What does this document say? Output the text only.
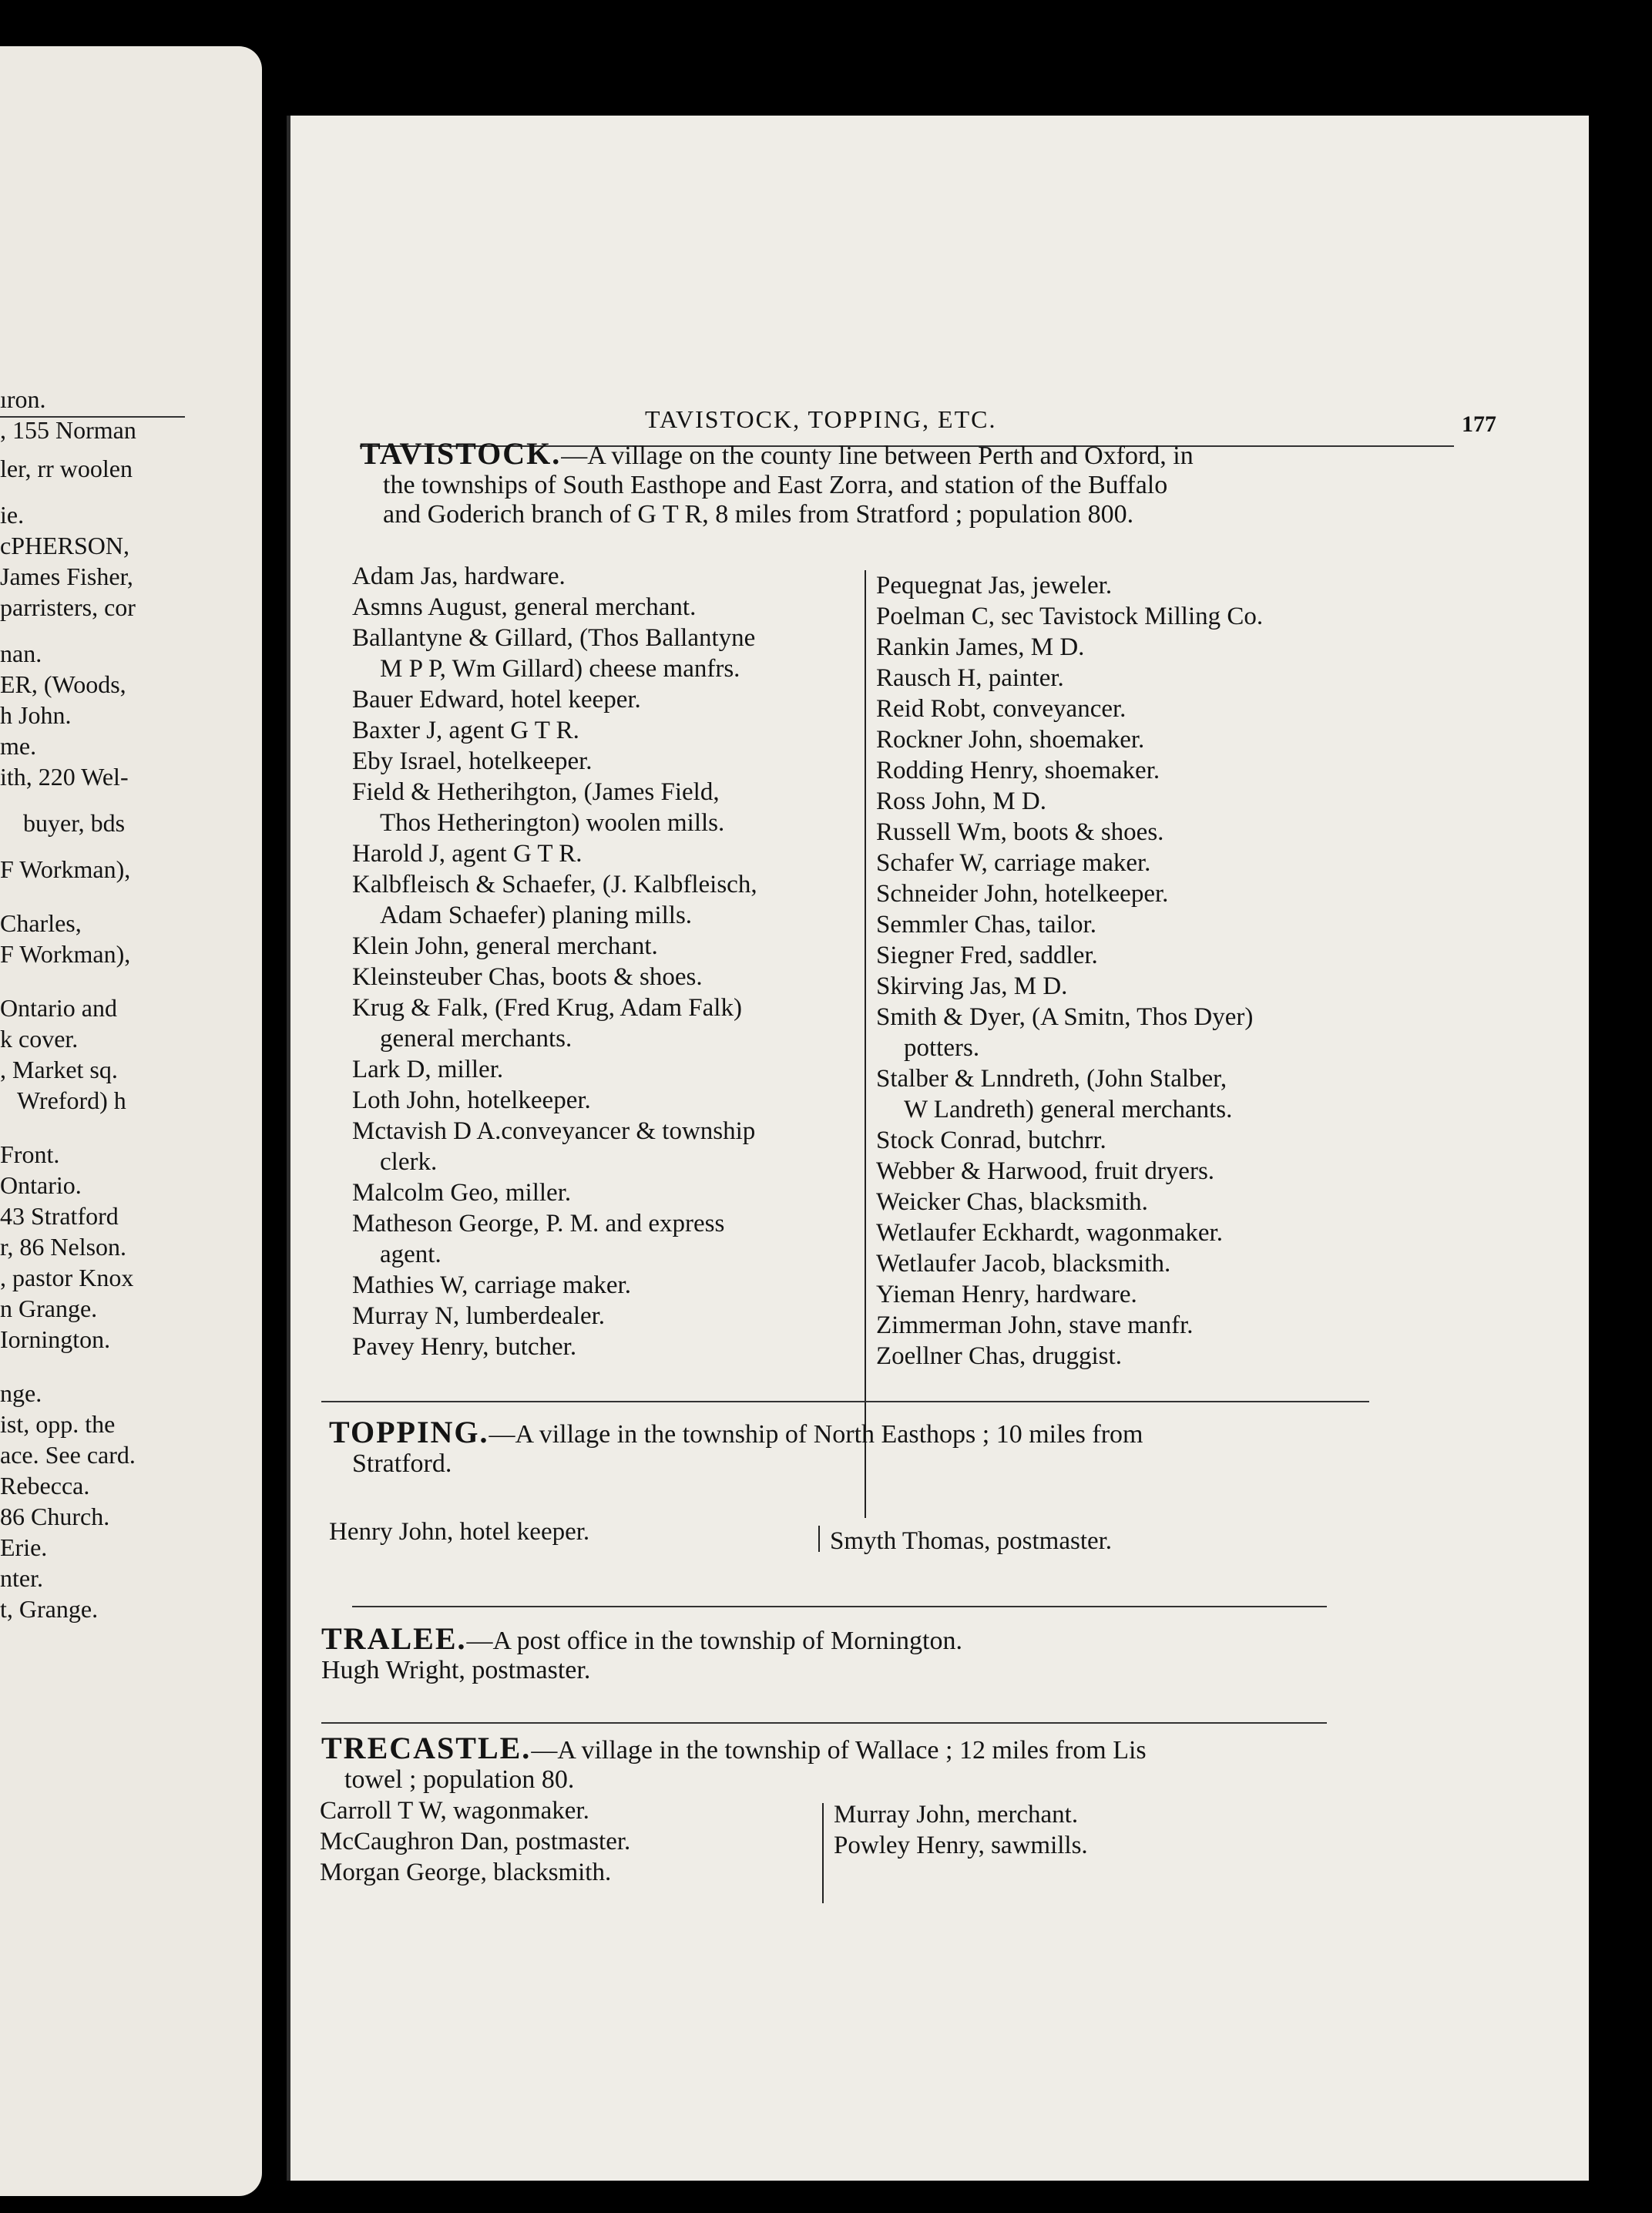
ıron.
, 155 Norman
ler, rr woolen
ie.
cPHERSON,
James Fisher,
parristers, cor
nan.
ER, (Woods,
h John.
me.
ith, 220 Wel-
buyer, bds
F Workman),
Charles,
F Workman),
Ontario and
k cover.
, Market sq.
Wreford) h
Front.
Ontario.
43 Stratford
r, 86 Nelson.
, pastor Knox
n Grange.
Iornington.
nge.
ist, opp. the
ace. See card.
Rebecca.
86 Church.
Erie.
nter.
t, Grange.
TAVISTOCK, TOPPING, ETC.	177
TAVISTOCK.—A village on the county line between Perth and Oxford, in
the townships of South Easthope and East Zorra, and station of the Buffalo
and Goderich branch of G T R, 8 miles from Stratford ; population 800.
Adam Jas, hardware.
Asmns August, general merchant.
Ballantyne & Gillard, (Thos Ballantyne
M P P, Wm Gillard) cheese manfrs.
Bauer Edward, hotel keeper.
Baxter J, agent G T R.
Eby Israel, hotelkeeper.
Field & Hetherihgton, (James Field,
Thos Hetherington) woolen mills.
Harold J, agent G T R.
Kalbfleisch & Schaefer, (J. Kalbfleisch,
Adam Schaefer) planing mills.
Klein John, general merchant.
Kleinsteuber Chas, boots & shoes.
Krug & Falk, (Fred Krug, Adam Falk)
general merchants.
Lark D, miller.
Loth John, hotelkeeper.
Mctavish D A.conveyancer & township
clerk.
Malcolm Geo, miller.
Matheson George, P. M. and express
agent.
Mathies W, carriage maker.
Murray N, lumberdealer.
Pavey Henry, butcher.
Pequegnat Jas, jeweler.
Poelman C, sec Tavistock Milling Co.
Rankin James, M D.
Rausch H, painter.
Reid Robt, conveyancer.
Rockner John, shoemaker.
Rodding Henry, shoemaker.
Ross John, M D.
Russell Wm, boots & shoes.
Schafer W, carriage maker.
Schneider John, hotelkeeper.
Semmler Chas, tailor.
Siegner Fred, saddler.
Skirving Jas, M D.
Smith & Dyer, (A Smitn, Thos Dyer)
potters.
Stalber & Lnndreth, (John Stalber,
W Landreth) general merchants.
Stock Conrad, butchrr.
Webber & Harwood, fruit dryers.
Weicker Chas, blacksmith.
Wetlaufer Eckhardt, wagonmaker.
Wetlaufer Jacob, blacksmith.
Yieman Henry, hardware.
Zimmerman John, stave manfr.
Zoellner Chas, druggist.
TOPPING.—A village in the township of North Easthops ; 10 miles from
Stratford.
Henry John, hotel keeper.	Smyth Thomas, postmaster.
TRALEE.—A post office in the township of Mornington.
Hugh Wright, postmaster.
TRECASTLE.—A village in the township of Wallace ; 12 miles from Lis
towel ; population 80.
Carroll T W, wagonmaker.
McCaughron Dan, postmaster.
Morgan George, blacksmith.
Murray John, merchant.
Powley Henry, sawmills.
